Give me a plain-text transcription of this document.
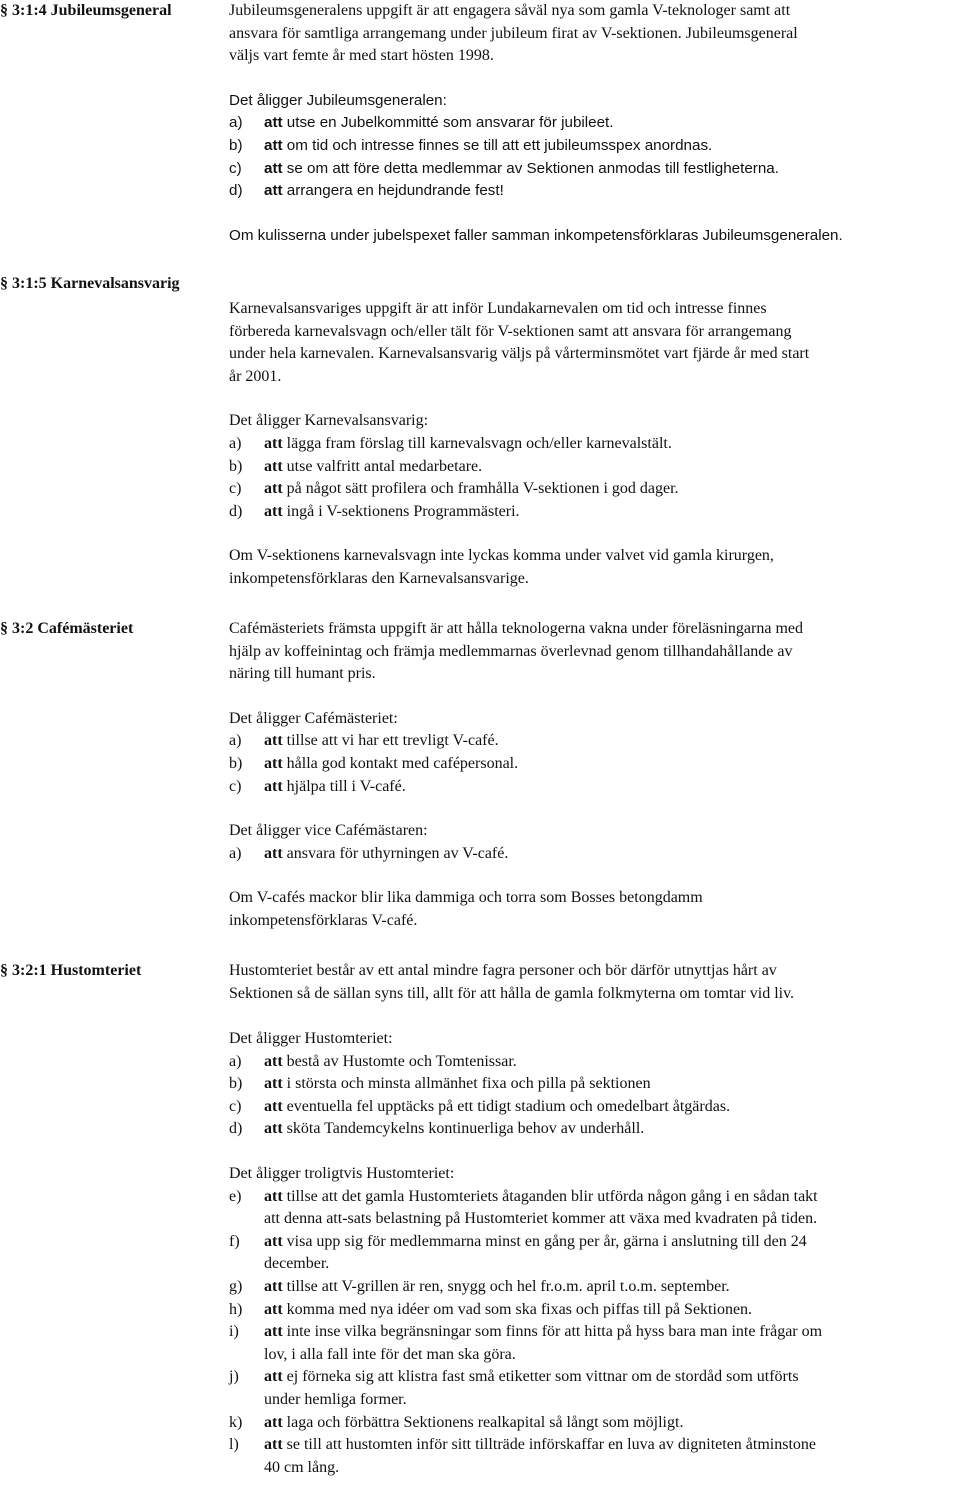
§ 3:1:4 Jubileumsgeneral	Jubileumsgeneralens uppgift är att engagera såväl nya som gamla V-teknologer samt att
ansvara för samtliga arrangemang under jubileum firat av V-sektionen. Jubileumsgeneral
väljs vart femte år med start hösten 1998.
Det åligger Jubileumsgeneralen:
a)	att utse en Jubelkommitté som ansvarar för jubileet.
b)	att om tid och intresse finnes se till att ett jubileumsspex anordnas.
c)	att se om att före detta medlemmar av Sektionen anmodas till festligheterna.
d)	att arrangera en hejdundrande fest!
Om kulisserna under jubelspexet faller samman inkompetensförklaras Jubileumsgeneralen.
§ 3:1:5 Karnevalsansvarig
Karnevalsansvariges uppgift är att inför Lundakarnevalen om tid och intresse finnes
förbereda karnevalsvagn och/eller tält för V-sektionen samt att ansvara för arrangemang
under hela karnevalen. Karnevalsansvarig väljs på vårterminsmötet vart fjärde år med start
år 2001.
Det åligger Karnevalsansvarig:
a)	att lägga fram förslag till karnevalsvagn och/eller karnevalstält.
b)	att utse valfritt antal medarbetare.
c)	att på något sätt profilera och framhålla V-sektionen i god dager.
d)	att ingå i V-sektionens Programmästeri.
Om V-sektionens karnevalsvagn inte lyckas komma under valvet vid gamla kirurgen,
inkompetensförklaras den Karnevalsansvarige.
§ 3:2 Cafémästeriet	Cafémästeriets främsta uppgift är att hålla teknologerna vakna under föreläsningarna med
hjälp av koffeinintag och främja medlemmarnas överlevnad genom tillhandahållande av
näring till humant pris.
Det åligger Cafémästeriet:
a)	att tillse att vi har ett trevligt V-café.
b)	att hålla god kontakt med cafépersonal.
c)	att hjälpa till i V-café.
Det åligger vice Cafémästaren:
a)	att ansvara för uthyrningen av V-café.
Om V-cafés mackor blir lika dammiga och torra som Bosses betongdamm
inkompetensförklaras V-café.
§ 3:2:1 Hustomteriet	Hustomteriet består av ett antal mindre fagra personer och bör därför utnyttjas hårt av
Sektionen så de sällan syns till, allt för att hålla de gamla folkmyterna om tomtar vid liv.
Det åligger Hustomteriet:
a)	att bestå av Hustomte och Tomtenissar.
b)	att i största och minsta allmänhet fixa och pilla på sektionen
c)	att eventuella fel upptäcks på ett tidigt stadium och omedelbart åtgärdas.
d)	att sköta Tandemcykelns kontinuerliga behov av underhåll.
Det åligger troligtvis Hustomteriet:
e)	att tillse att det gamla Hustomteriets åtaganden blir utförda någon gång i en sådan takt
att denna att-sats belastning på Hustomteriet kommer att växa med kvadraten på tiden.
f)	att visa upp sig för medlemmarna minst en gång per år, gärna i anslutning till den 24
december.
g)	att tillse att V-grillen är ren, snygg och hel fr.o.m. april t.o.m. september.
h)	att komma med nya idéer om vad som ska fixas och piffas till på Sektionen.
i)	att inte inse vilka begränsningar som finns för att hitta på hyss bara man inte frågar om
lov, i alla fall inte för det man ska göra.
j)	att ej förneka sig att klistra fast små etiketter som vittnar om de stordåd som utförts
under hemliga former.
k)	att laga och förbättra Sektionens realkapital så långt som möjligt.
l)	att se till att hustomten inför sitt tillträde införskaffar en luva av digniteten åtminstone
40 cm lång.
